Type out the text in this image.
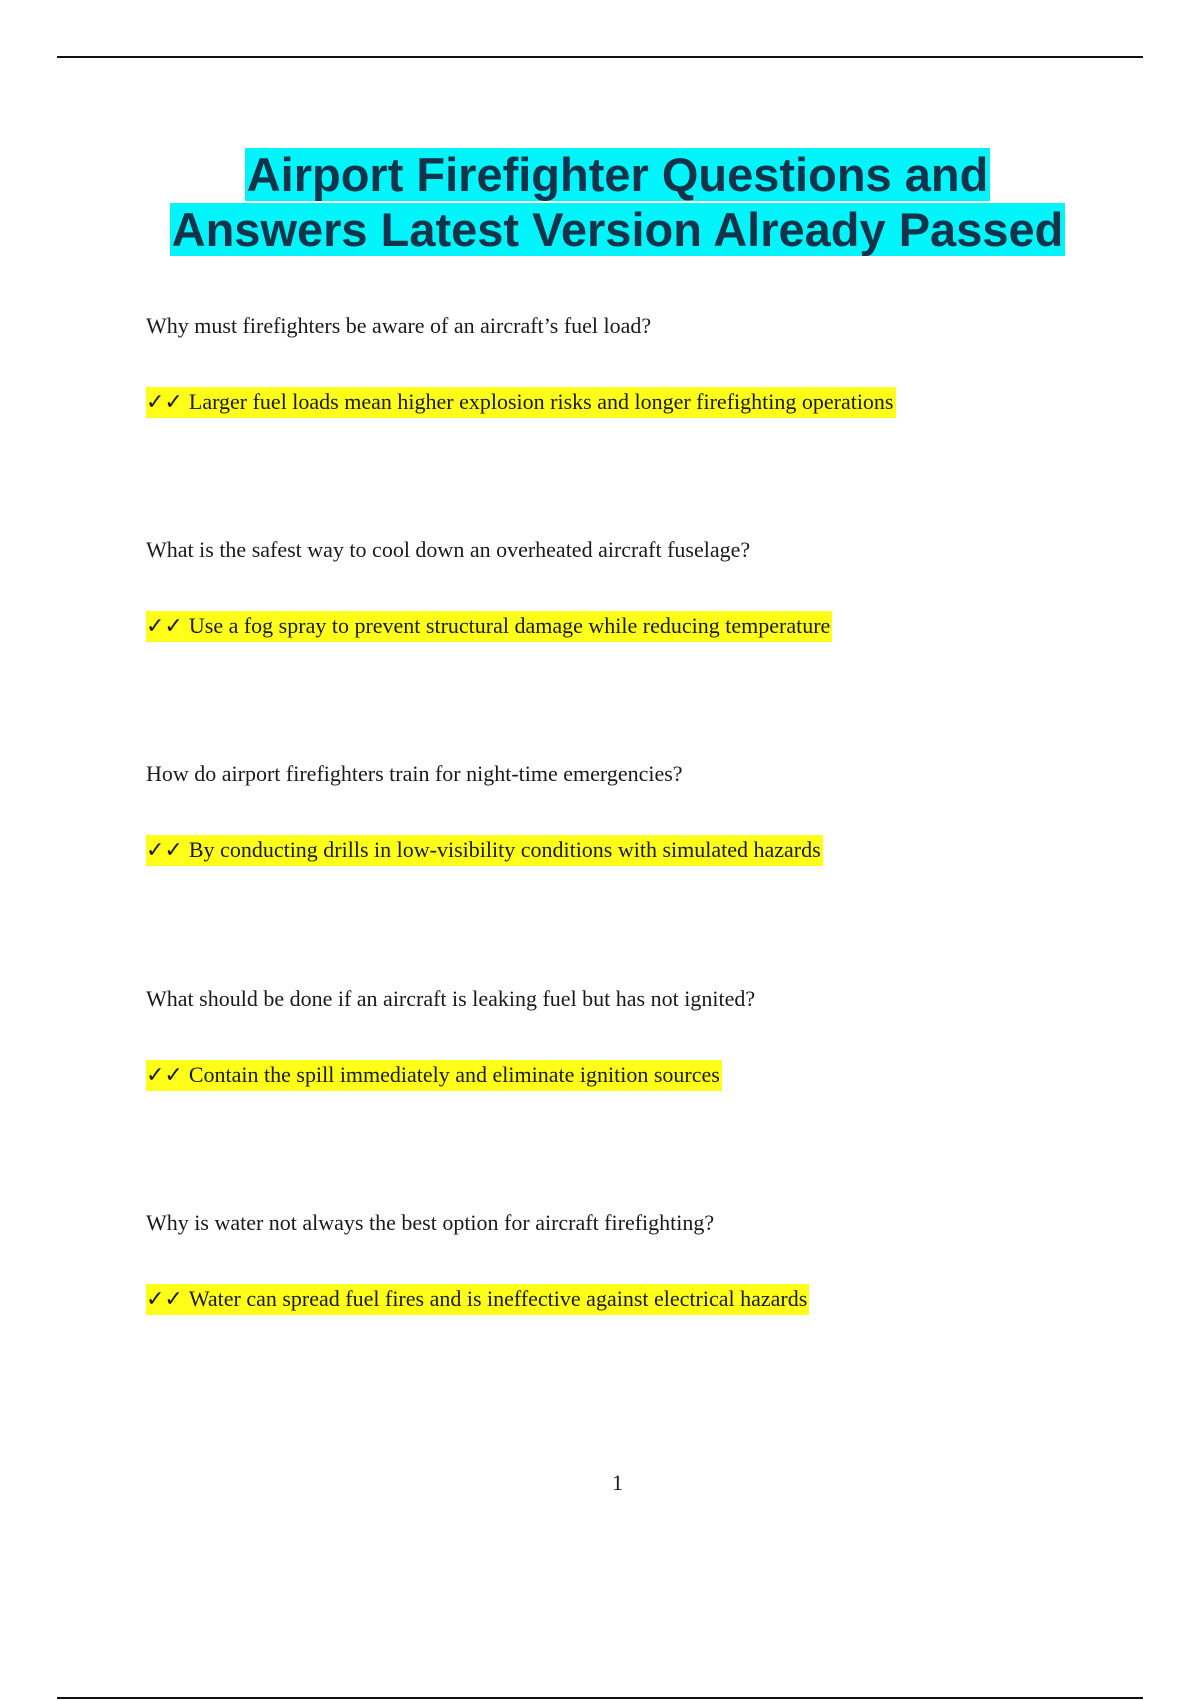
Airport Firefighter Questions and
Answers Latest Version Already Passed
Why must firefighters be aware of an aircraft’s fuel load?
✓✓ Larger fuel loads mean higher explosion risks and longer firefighting operations
What is the safest way to cool down an overheated aircraft fuselage?
✓✓ Use a fog spray to prevent structural damage while reducing temperature
How do airport firefighters train for night-time emergencies?
✓✓ By conducting drills in low-visibility conditions with simulated hazards
What should be done if an aircraft is leaking fuel but has not ignited?
✓✓ Contain the spill immediately and eliminate ignition sources
Why is water not always the best option for aircraft firefighting?
✓✓ Water can spread fuel fires and is ineffective against electrical hazards
1
